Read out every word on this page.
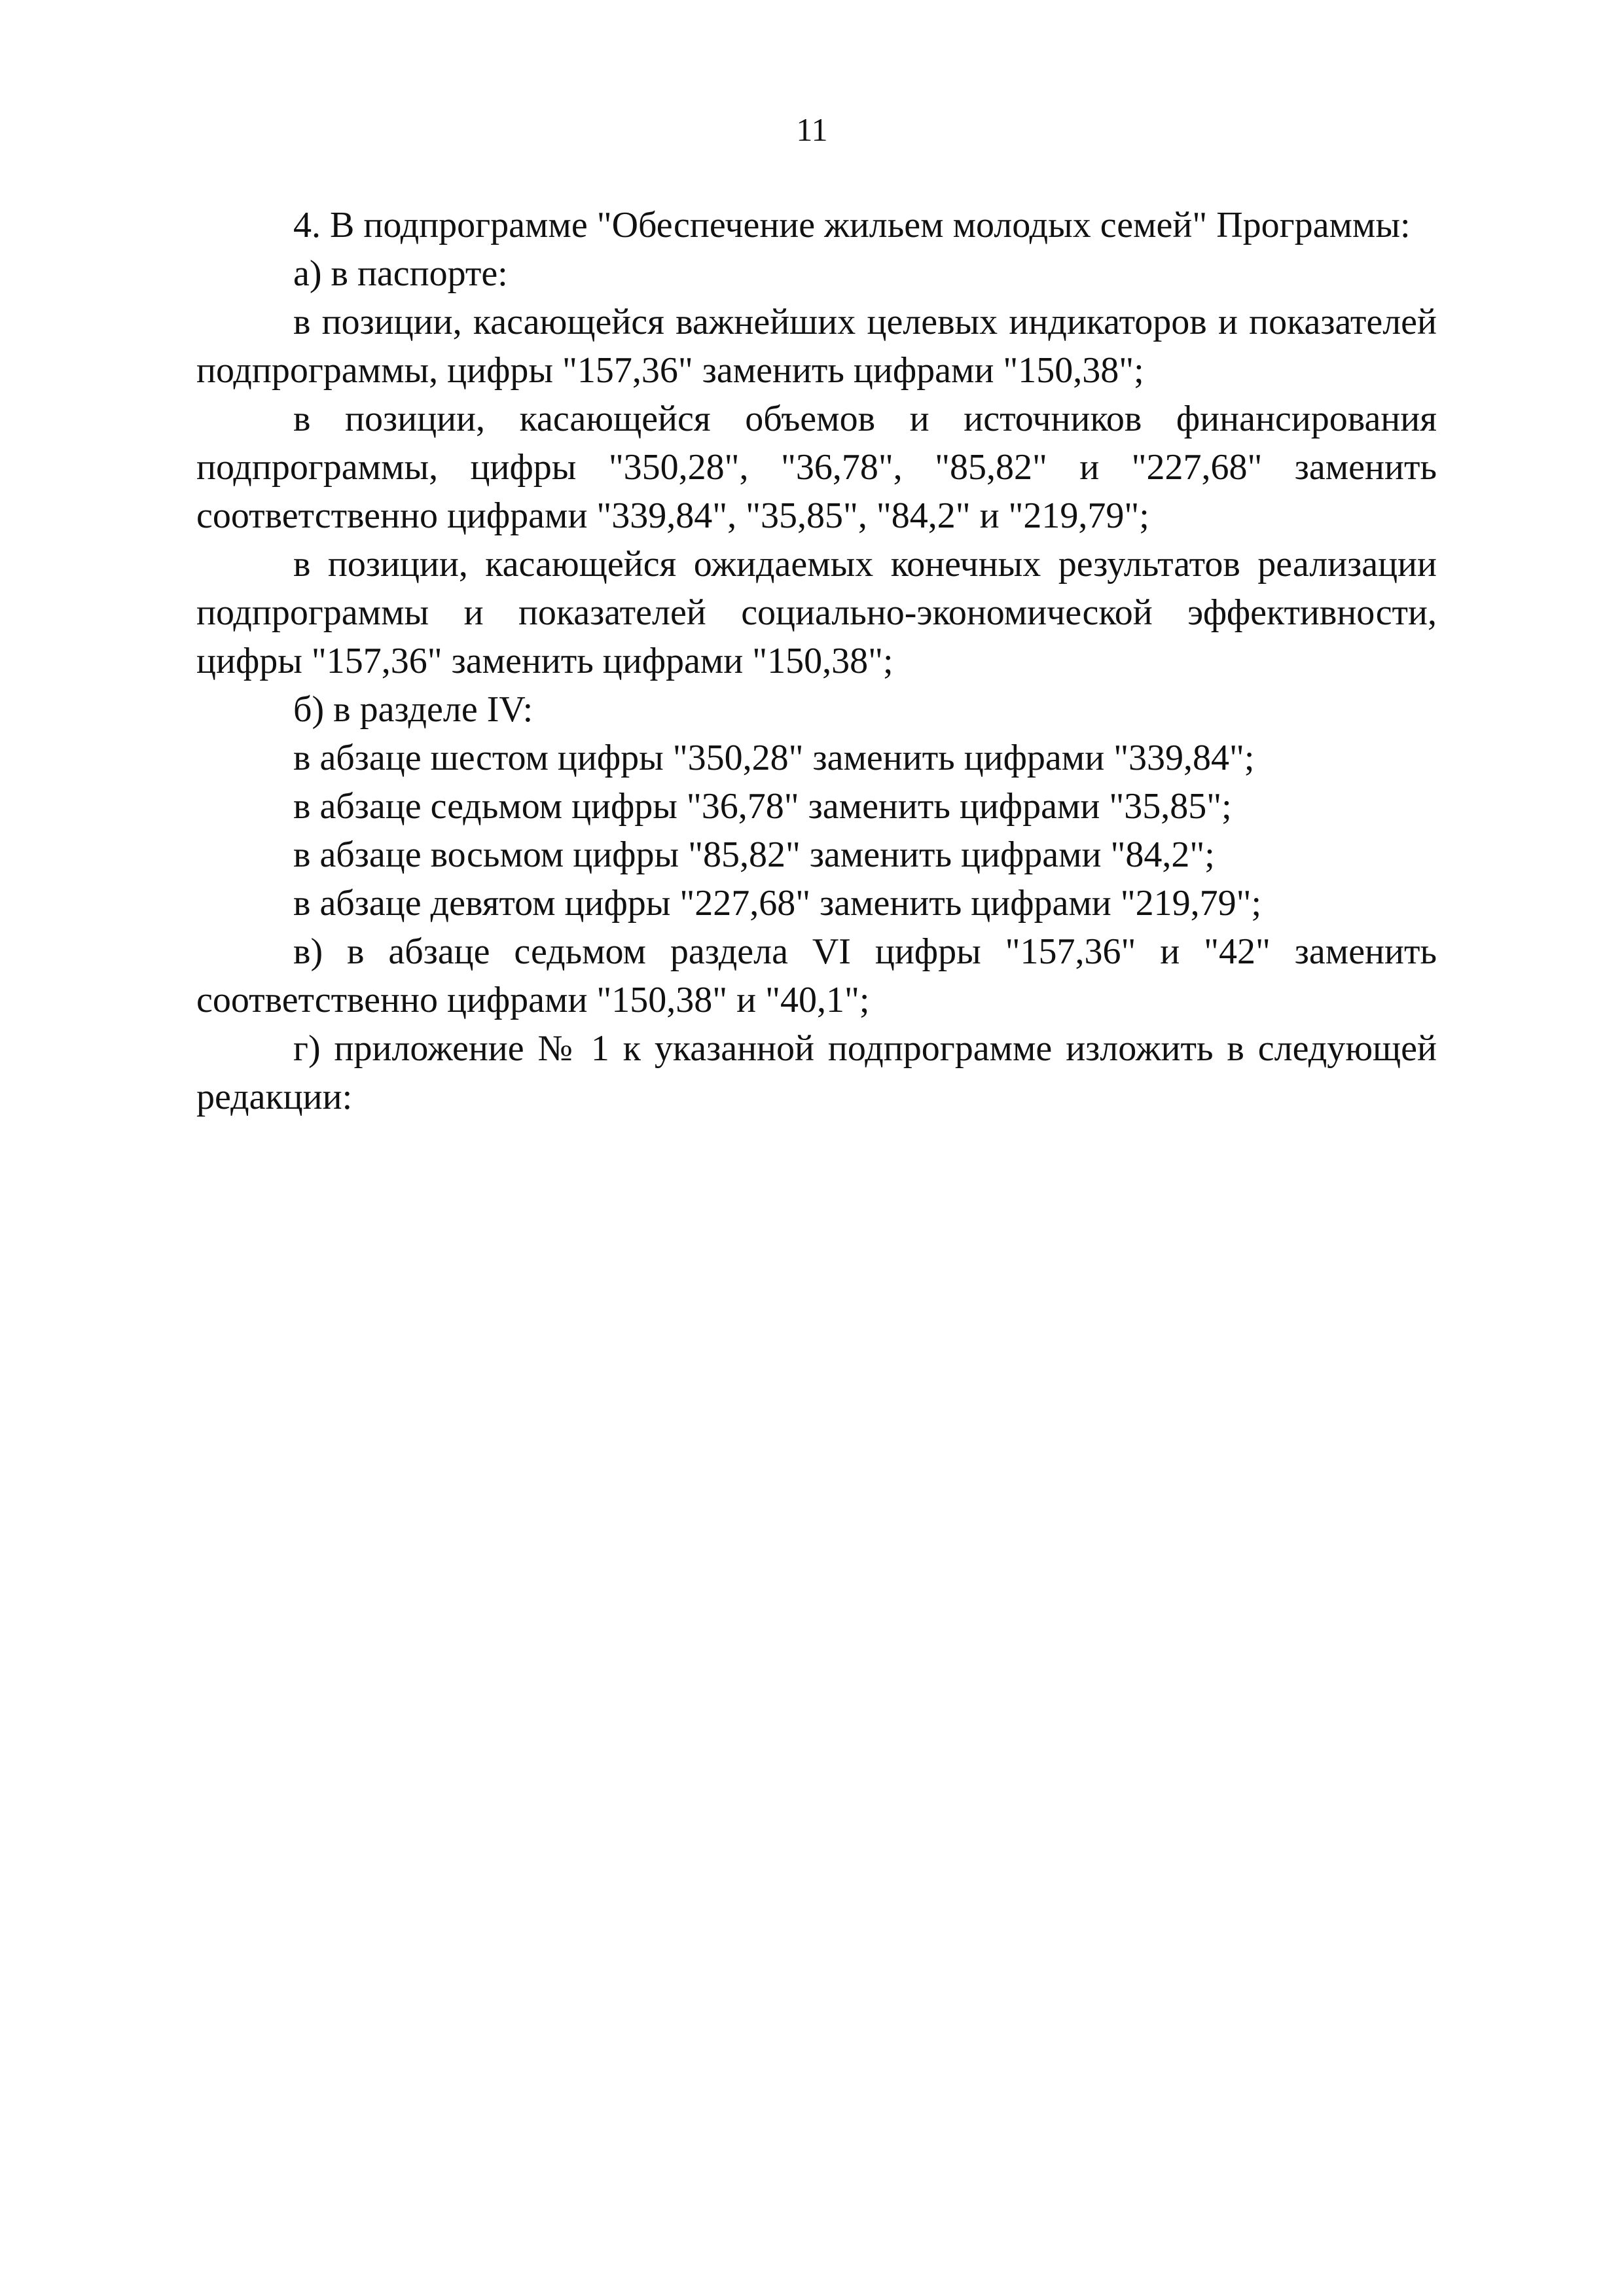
11

4. В подпрограмме "Обеспечение жильем молодых семей" Программы:

а) в паспорте:

в позиции, касающейся важнейших целевых индикаторов и показателей подпрограммы, цифры "157,36" заменить цифрами "150,38";

в позиции, касающейся объемов и источников финансирования подпрограммы, цифры "350,28", "36,78", "85,82" и "227,68" заменить соответственно цифрами "339,84", "35,85", "84,2" и "219,79";

в позиции, касающейся ожидаемых конечных результатов реализации подпрограммы и показателей социально-экономической эффективности, цифры "157,36" заменить цифрами "150,38";

б) в разделе IV:

в абзаце шестом цифры "350,28" заменить цифрами "339,84";

в абзаце седьмом цифры "36,78" заменить цифрами "35,85";

в абзаце восьмом цифры "85,82" заменить цифрами "84,2";

в абзаце девятом цифры "227,68" заменить цифрами "219,79";

в) в абзаце седьмом раздела VI цифры "157,36" и "42" заменить соответственно цифрами "150,38" и "40,1";

г) приложение № 1 к указанной подпрограмме изложить в следующей редакции:
